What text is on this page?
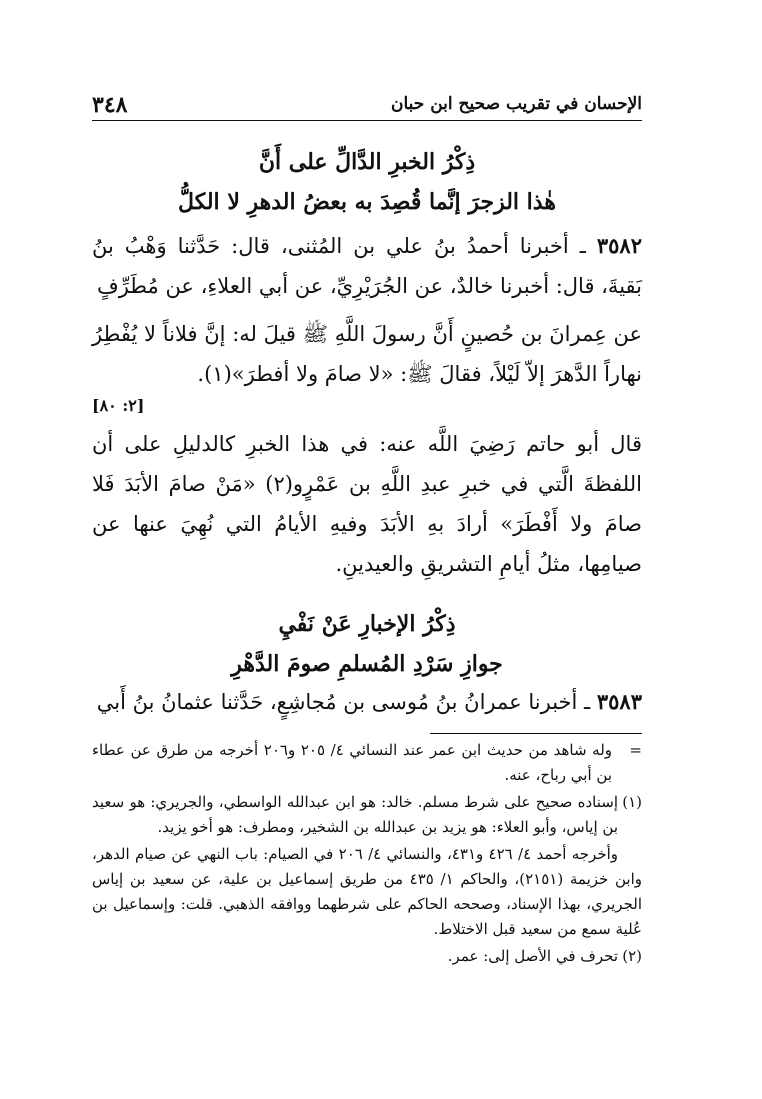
٣٤٨	الإحسان في تقريب صحيح ابن حبان
ذِكْرُ الخبرِ الدَّالِّ على أَنَّ
هٰذا الزجرَ إنَّما قُصِدَ به بعضُ الدهرِ لا الكلُّ
٣٥٨٢ ـ أخبرنا أحمدُ بنُ علي بن المُثنى، قال: حَدَّثنا وَهْبُ بنُ بَقيةَ، قال: أخبرنا خالدٌ، عن الجُرَيْرِيِّ، عن أبي العلاءِ، عن مُطَرِّفٍ
عن عِمرانَ بن حُصينٍ أَنَّ رسولَ اللَّهِ ﷺ قيلَ له: إنَّ فلاناً لا يُفْطِرُ نهاراً الدَّهرَ إلاّ لَيْلاً، فقالَ ﷺ: «لا صامَ ولا أفطرَ»(١).
[٢: ٨٠]
قال أبو حاتم رَضِيَ اللَّه عنه: في هذا الخبرِ كالدليلِ على أن اللفظةَ الَّتي في خبرِ عبدِ اللَّهِ بن عَمْرٍو(٢) «مَنْ صامَ الأبَدَ فَلا صامَ ولا أَفْطَرَ» أرادَ بهِ الأبَدَ وفيهِ الأيامُ التي نُهِيَ عنها عن صيامِها، مثلُ أيامِ التشريقِ والعيدينِ.
ذِكْرُ الإخبارِ عَنْ نَفْيِ
جوازِ سَرْدِ المُسلمِ صومَ الدَّهْرِ
٣٥٨٣ ـ أخبرنا عمرانُ بنُ مُوسى بن مُجاشِعٍ، حَدَّثنا عثمانُ بنُ أَبي
=
وله شاهد من حديث ابن عمر عند النسائي ٤/ ٢٠٥ و٢٠٦ أخرجه من طرق عن عطاء بن أبي رباح، عنه.
(١)
إسناده صحيح على شرط مسلم. خالد: هو ابن عبدالله الواسطي، والجريري: هو سعيد بن إياس، وأبو العلاء: هو يزيد بن عبدالله بن الشخير، ومطرف: هو أخو يزيد.
وأخرجه أحمد ٤/ ٤٢٦ و٤٣١، والنسائي ٤/ ٢٠٦ في الصيام: باب النهي عن صيام الدهر، وابن خزيمة (٢١٥١)، والحاكم ١/ ٤٣٥ من طريق إسماعيل بن علية، عن سعيد بن إياس الجريري، بهذا الإسناد، وصححه الحاكم على شرطهما ووافقه الذهبي. قلت: وإسماعيل بن عُلية سمع من سعيد قبل الاختلاط.
(٢)
تحرف في الأصل إلى: عمر.
